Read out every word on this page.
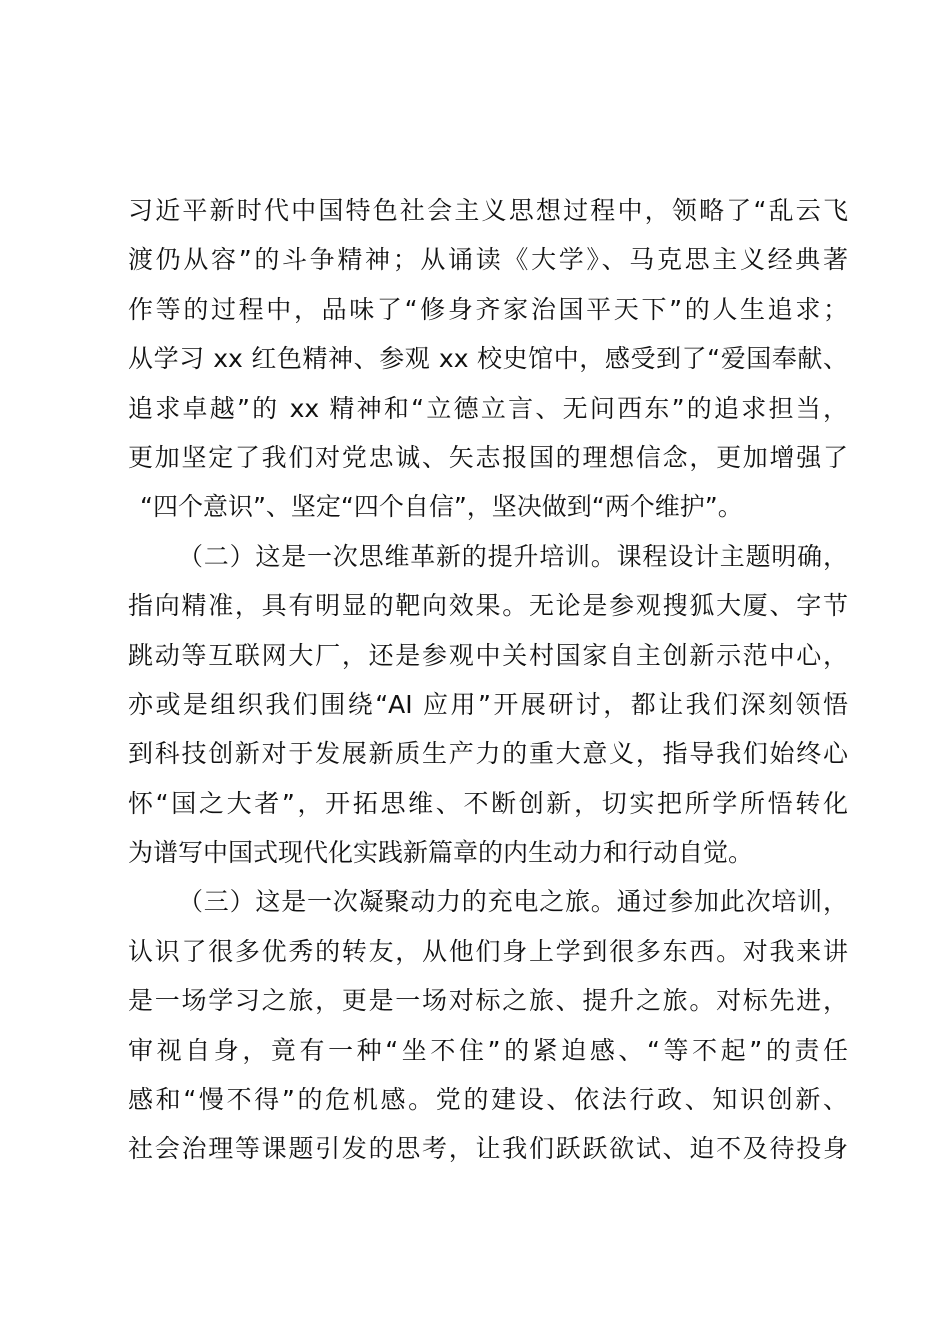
习近平新时代中国特色社会主义思想过程中，领略了“乱云飞
渡仍从容”的斗争精神；从诵读《大学》、马克思主义经典著
作等的过程中，品味了“修身齐家治国平天下”的人生追求；
从学习 xx 红色精神、参观 xx 校史馆中，感受到了“爱国奉献、
追求卓越”的 xx 精神和“立德立言、无问西东”的追求担当，
更加坚定了我们对党忠诚、矢志报国的理想信念，更加增强了
“四个意识”、坚定“四个自信”，坚决做到“两个维护”。
（二）这是一次思维革新的提升培训。课程设计主题明确，
指向精准，具有明显的靶向效果。无论是参观搜狐大厦、字节
跳动等互联网大厂，还是参观中关村国家自主创新示范中心，
亦或是组织我们围绕“AI 应用”开展研讨，都让我们深刻领悟
到科技创新对于发展新质生产力的重大意义，指导我们始终心
怀“国之大者”，开拓思维、不断创新，切实把所学所悟转化
为谱写中国式现代化实践新篇章的内生动力和行动自觉。
（三）这是一次凝聚动力的充电之旅。通过参加此次培训，
认识了很多优秀的转友，从他们身上学到很多东西。对我来讲
是一场学习之旅，更是一场对标之旅、提升之旅。对标先进，
审视自身，竟有一种“坐不住”的紧迫感、“等不起”的责任
感和“慢不得”的危机感。党的建设、依法行政、知识创新、
社会治理等课题引发的思考，让我们跃跃欲试、迫不及待投身
